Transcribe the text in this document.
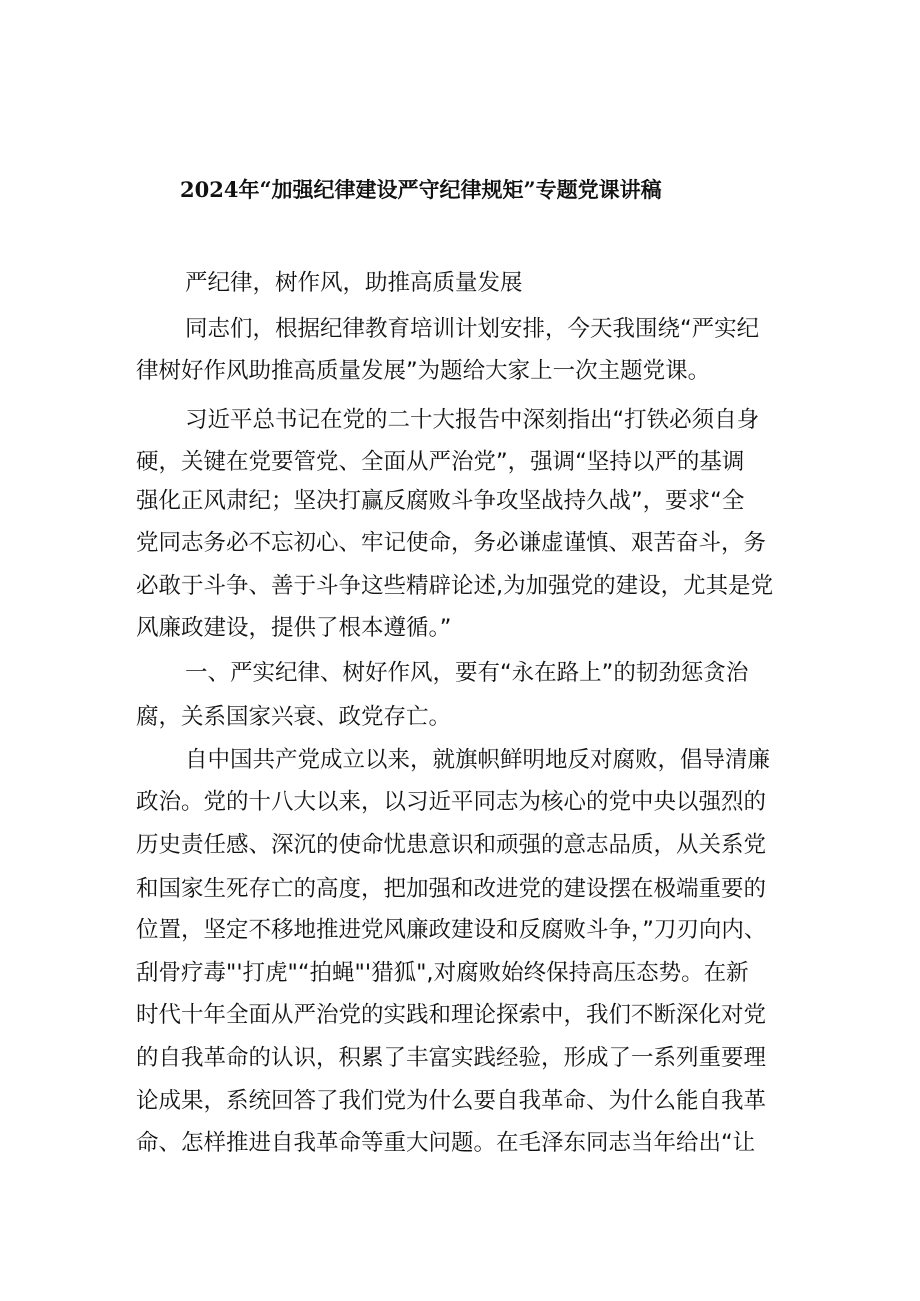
2024年“加强纪律建设严守纪律规矩”专题党课讲稿
严纪律，树作风，助推高质量发展
同志们，根据纪律教育培训计划安排，今天我围绕“严实纪
律树好作风助推高质量发展”为题给大家上一次主题党课。
习近平总书记在党的二十大报告中深刻指出“打铁必须自身
硬，关键在党要管党、全面从严治党”，强调“坚持以严的基调
强化正风肃纪；坚决打赢反腐败斗争攻坚战持久战”，要求“全
党同志务必不忘初心、牢记使命，务必谦虚谨慎、艰苦奋斗，务
必敢于斗争、善于斗争这些精辟论述,为加强党的建设，尤其是党
风廉政建设，提供了根本遵循。”
一、严实纪律、树好作风，要有“永在路上”的韧劲惩贪治
腐，关系国家兴衰、政党存亡。
自中国共产党成立以来，就旗帜鲜明地反对腐败，倡导清廉
政治。党的十八大以来，以习近平同志为核心的党中央以强烈的
历史责任感、深沉的使命忧患意识和顽强的意志品质，从关系党
和国家生死存亡的高度，把加强和改进党的建设摆在极端重要的
位置，坚定不移地推进党风廉政建设和反腐败斗争，”刀刃向内、
刮骨疗毒"'打虎"“拍蝇"'猎狐",对腐败始终保持高压态势。在新
时代十年全面从严治党的实践和理论探索中，我们不断深化对党
的自我革命的认识，积累了丰富实践经验，形成了一系列重要理
论成果，系统回答了我们党为什么要自我革命、为什么能自我革
命、怎样推进自我革命等重大问题。在毛泽东同志当年给出“让
